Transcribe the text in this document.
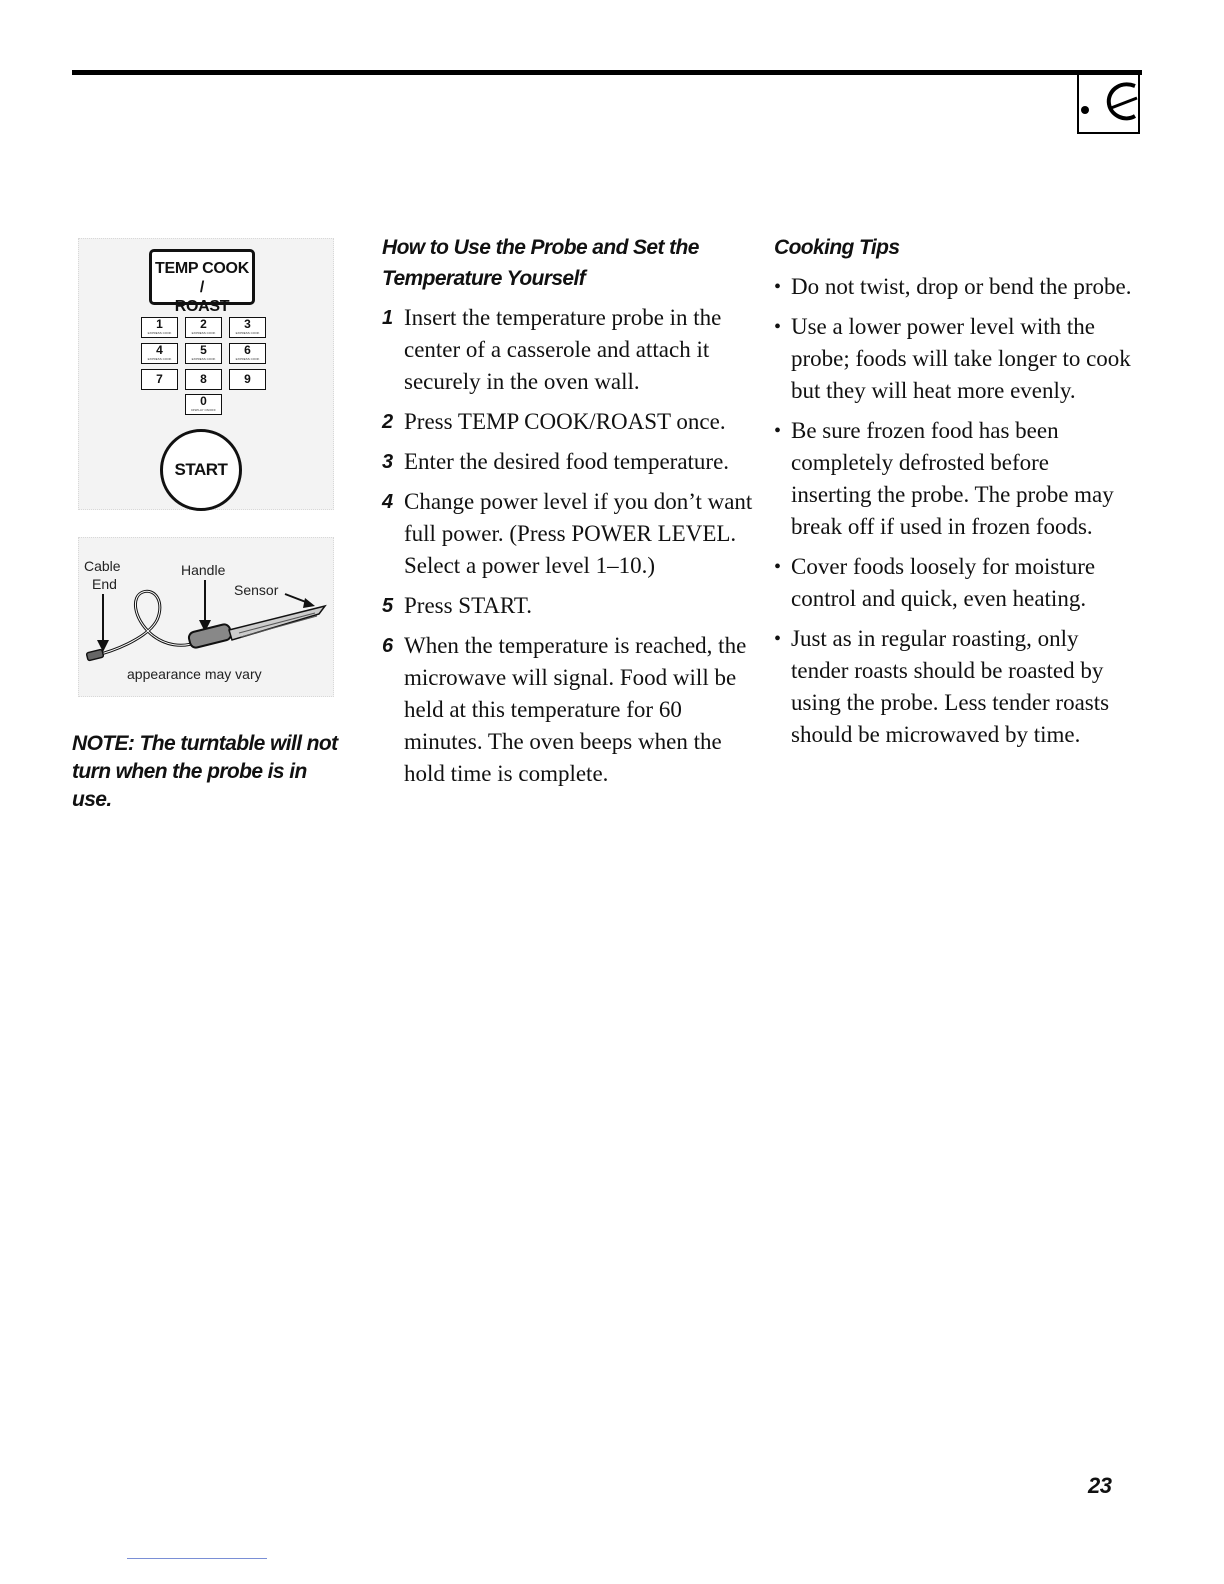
TEMP COOK /
ROAST
1
EXPRESS COOK
2
EXPRESS COOK
3
EXPRESS COOK
4
EXPRESS COOK
5
EXPRESS COOK
6
EXPRESS COOK
7	8	9
0
DISPLAY ON/OFF
START
Cable
End
Handle
Sensor
appearance may vary
NOTE: The turntable will not turn when the probe is in use.

How to Use the Probe and Set the
Temperature Yourself

1 Insert the temperature probe in the center of a casserole and attach it securely in the oven wall.
2 Press TEMP COOK/ROAST once.
3 Enter the desired food temperature.
4 Change power level if you don’t want full power. (Press POWER LEVEL. Select a power level 1–10.)
5 Press START.
6 When the temperature is reached, the microwave will signal. Food will be held at this temperature for 60 minutes. The oven beeps when the hold time is complete.

Cooking Tips

• Do not twist, drop or bend the probe.
• Use a lower power level with the probe; foods will take longer to cook but they will heat more evenly.
• Be sure frozen food has been completely defrosted before inserting the probe. The probe may break off if used in frozen foods.
• Cover foods loosely for moisture control and quick, even heating.
• Just as in regular roasting, only tender roasts should be roasted by using the probe. Less tender roasts should be microwaved by time.
23
